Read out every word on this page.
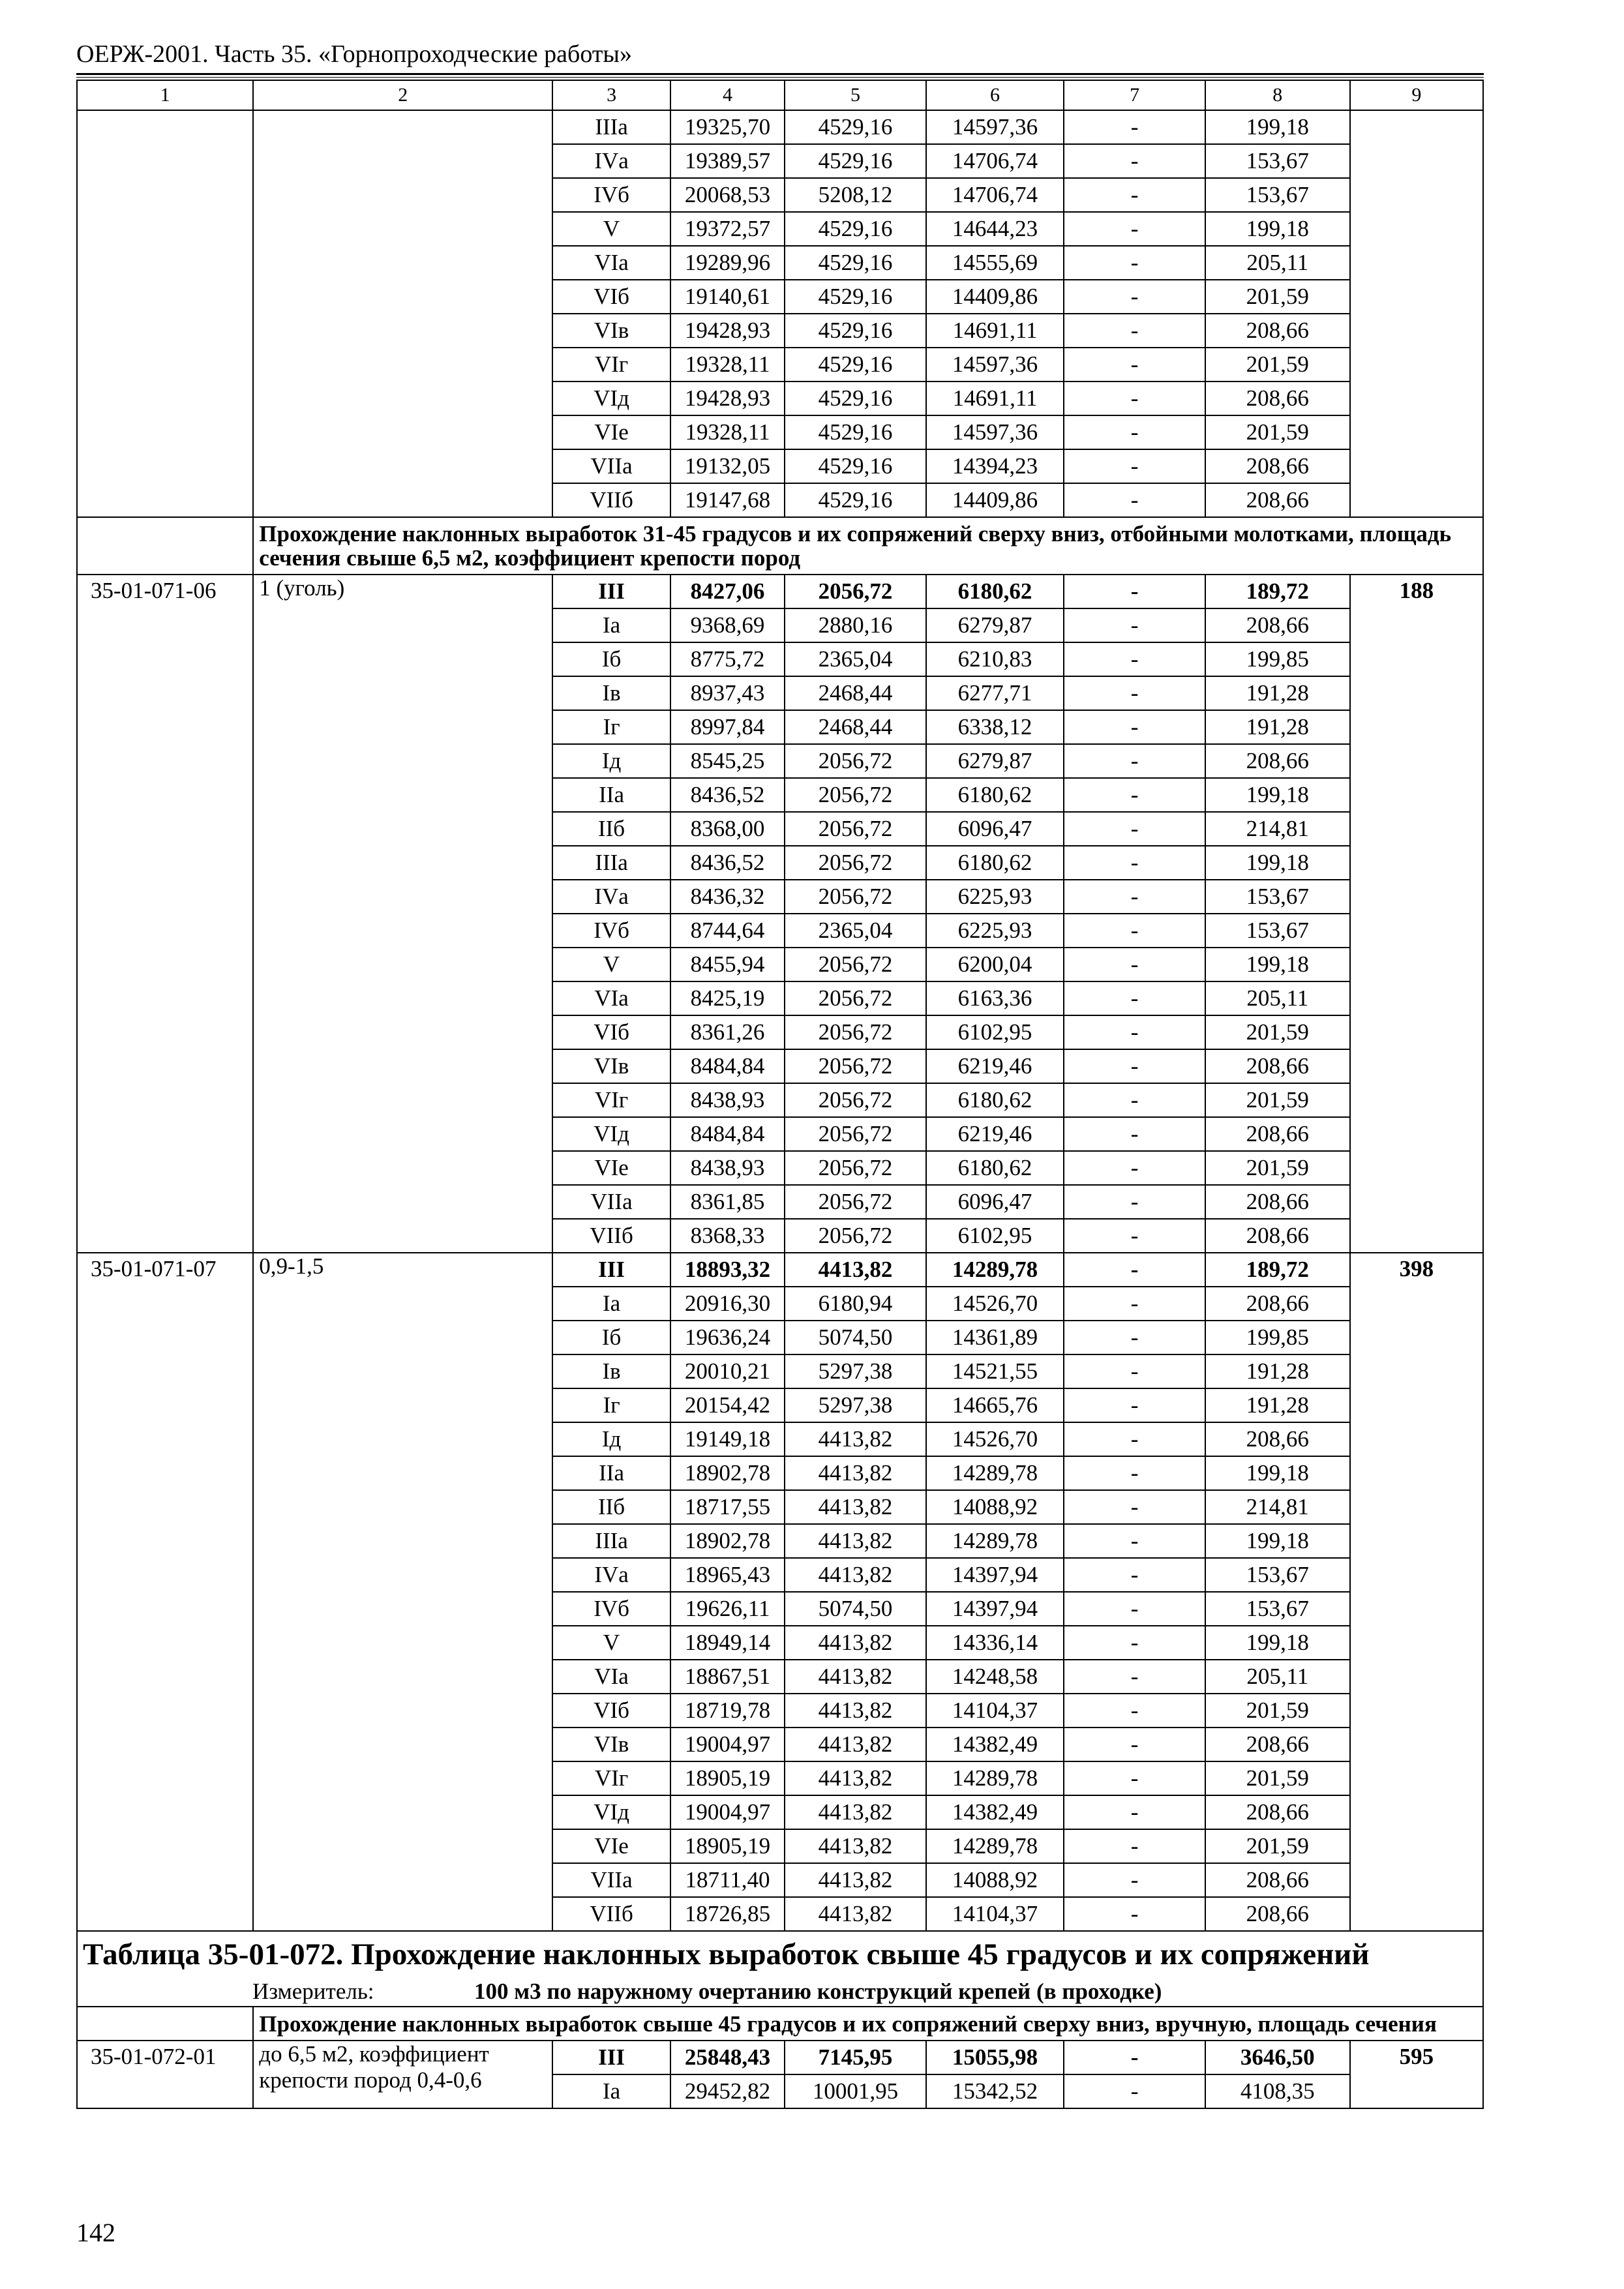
ОЕРЖ-2001. Часть 35. «Горнопроходческие работы»
1	2	3	4	5	6	7	8	9
		IIIа	19325,70	4529,16	14597,36	-	199,18	
		IVа	19389,57	4529,16	14706,74	-	153,67	
		IVб	20068,53	5208,12	14706,74	-	153,67	
		V	19372,57	4529,16	14644,23	-	199,18	
		VIа	19289,96	4529,16	14555,69	-	205,11	
		VIб	19140,61	4529,16	14409,86	-	201,59	
		VIв	19428,93	4529,16	14691,11	-	208,66	
		VIг	19328,11	4529,16	14597,36	-	201,59	
		VIд	19428,93	4529,16	14691,11	-	208,66	
		VIе	19328,11	4529,16	14597,36	-	201,59	
		VIIа	19132,05	4529,16	14394,23	-	208,66	
		VIIб	19147,68	4529,16	14409,86	-	208,66	
	Прохождение наклонных выработок 31-45 градусов и их сопряжений сверху вниз, отбойными молотками, площадь сечения свыше 6,5 м2, коэффициент крепости пород							
35-01-071-06	1 (уголь)	III	8427,06	2056,72	6180,62	-	189,72	188
		Iа	9368,69	2880,16	6279,87	-	208,66	
		Iб	8775,72	2365,04	6210,83	-	199,85	
		Iв	8937,43	2468,44	6277,71	-	191,28	
		Iг	8997,84	2468,44	6338,12	-	191,28	
		Iд	8545,25	2056,72	6279,87	-	208,66	
		IIа	8436,52	2056,72	6180,62	-	199,18	
		IIб	8368,00	2056,72	6096,47	-	214,81	
		IIIа	8436,52	2056,72	6180,62	-	199,18	
		IVа	8436,32	2056,72	6225,93	-	153,67	
		IVб	8744,64	2365,04	6225,93	-	153,67	
		V	8455,94	2056,72	6200,04	-	199,18	
		VIа	8425,19	2056,72	6163,36	-	205,11	
		VIб	8361,26	2056,72	6102,95	-	201,59	
		VIв	8484,84	2056,72	6219,46	-	208,66	
		VIг	8438,93	2056,72	6180,62	-	201,59	
		VIд	8484,84	2056,72	6219,46	-	208,66	
		VIе	8438,93	2056,72	6180,62	-	201,59	
		VIIа	8361,85	2056,72	6096,47	-	208,66	
		VIIб	8368,33	2056,72	6102,95	-	208,66	
35-01-071-07	0,9-1,5	III	18893,32	4413,82	14289,78	-	189,72	398
		Iа	20916,30	6180,94	14526,70	-	208,66	
		Iб	19636,24	5074,50	14361,89	-	199,85	
		Iв	20010,21	5297,38	14521,55	-	191,28	
		Iг	20154,42	5297,38	14665,76	-	191,28	
		Iд	19149,18	4413,82	14526,70	-	208,66	
		IIа	18902,78	4413,82	14289,78	-	199,18	
		IIб	18717,55	4413,82	14088,92	-	214,81	
		IIIа	18902,78	4413,82	14289,78	-	199,18	
		IVа	18965,43	4413,82	14397,94	-	153,67	
		IVб	19626,11	5074,50	14397,94	-	153,67	
		V	18949,14	4413,82	14336,14	-	199,18	
		VIа	18867,51	4413,82	14248,58	-	205,11	
		VIб	18719,78	4413,82	14104,37	-	201,59	
		VIв	19004,97	4413,82	14382,49	-	208,66	
		VIг	18905,19	4413,82	14289,78	-	201,59	
		VIд	19004,97	4413,82	14382,49	-	208,66	
		VIе	18905,19	4413,82	14289,78	-	201,59	
		VIIа	18711,40	4413,82	14088,92	-	208,66	
		VIIб	18726,85	4413,82	14104,37	-	208,66	
Таблица 35-01-072. Прохождение наклонных выработок свыше 45 градусов и их сопряжений								
Измеритель: 100 м3 по наружному очертанию конструкций крепей (в проходке)								
	Прохождение наклонных выработок свыше 45 градусов и их сопряжений сверху вниз, вручную, площадь сечения							
35-01-072-01	до 6,5 м2, коэффициент крепости пород 0,4-0,6	III	25848,43	7145,95	15055,98	-	3646,50	595
		Iа	29452,82	10001,95	15342,52	-	4108,35	
142
